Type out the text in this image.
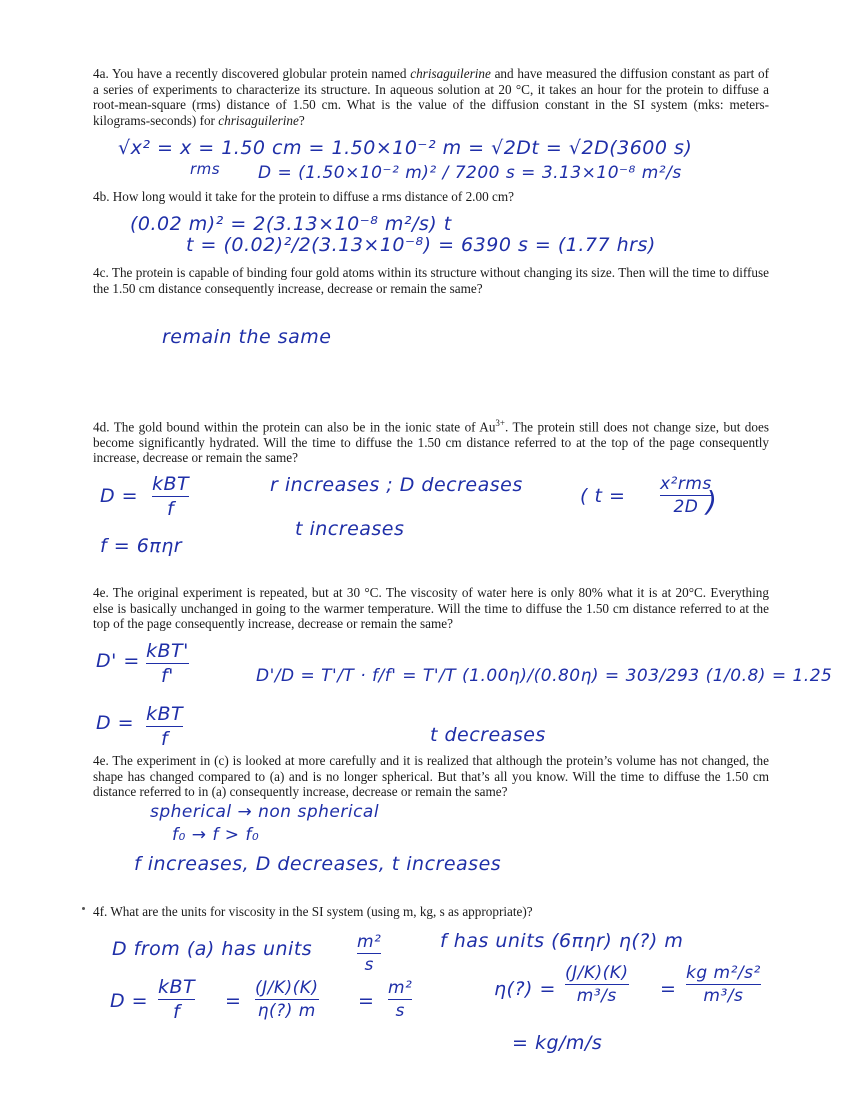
4a. You have a recently discovered globular protein named chrisaguilerine and have measured the diffusion constant as part of a series of experiments to characterize its structure. In aqueous solution at 20 °C, it takes an hour for the protein to diffuse a root-mean-square (rms) distance of 1.50 cm. What is the value of the diffusion constant in the SI system (mks: meters-kilograms-seconds) for chrisaguilerine?
√x² = x = 1.50 cm = 1.50×10⁻² m = √2Dt = √2D(3600 s)
rms D = (1.50×10⁻² m)² / 7200 s = 3.13×10⁻⁸ m²/s
4b. How long would it take for the protein to diffuse a rms distance of 2.00 cm?
(0.02 m)² = 2(3.13×10⁻⁸ m²/s) t
t = (0.02)²/2(3.13×10⁻⁸) = 6390 s = (1.77 hrs)
4c. The protein is capable of binding four gold atoms within its structure without changing its size. Then will the time to diffuse the 1.50 cm distance consequently increase, decrease or remain the same?
remain the same
4d. The gold bound within the protein can also be in the ionic state of $Au^{3+}$. The protein still does not change size, but does become significantly hydrated. Will the time to diffuse the 1.50 cm distance referred to at the top of the page consequently increase, decrease or remain the same?
D =
kBT
f
r increases ; D decreases
t increases
f = 6πηr
( t =
x²rms
2D )
4e. The original experiment is repeated, but at 30 °C. The viscosity of water here is only 80% what it is at 20°C. Everything else is basically unchanged in going to the warmer temperature. Will the time to diffuse the 1.50 cm distance referred to at the top of the page consequently increase, decrease or remain the same?
D' = kBT'
f'	D'/D = T'/T · f/f' = T'/T (1.00η)/(0.80η) = 303/293 (1/0.8) = 1.25
D = kBT
f	t decreases
4e. The experiment in (c) is looked at more carefully and it is realized that although the protein’s volume has not changed, the shape has changed compared to (a) and is no longer spherical. But that’s all you know. Will the time to diffuse the 1.50 cm distance referred to in (a) consequently increase, decrease or remain the same?
spherical → non spherical
f₀ → f > f₀
f increases, D decreases, t increases
4f. What are the units for viscosity in the SI system (using m, kg, s as appropriate)?
D from (a) has units	m²
s
f has units (6πηr) η(?) m
D =
kBT
f	=
(J/K)(K)
η(?) m =
m²
s
η(?) =
(J/K)(K)
m³/s	=
kg m²/s²
m³/s
= kg/m/s
